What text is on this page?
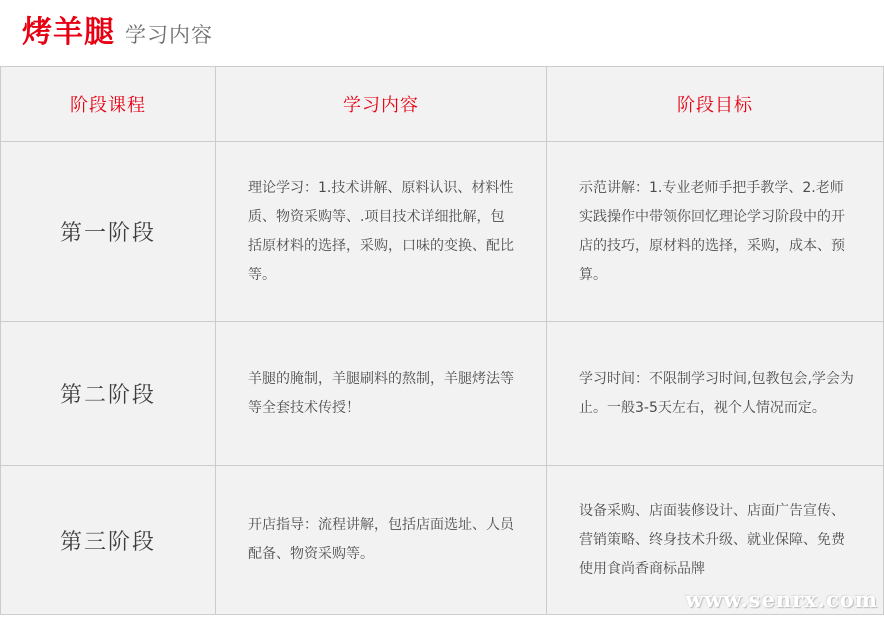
烤羊腿 学习内容
阶段课程	学习内容	阶段目标
第一阶段

理论学习：1.技术讲解、原料认识、材料性质、物资采购等、.项目技术详细批解，包括原材料的选择，采购，口味的变换、配比等。

示范讲解：1.专业老师手把手教学、2.老师实践操作中带领你回忆理论学习阶段中的开店的技巧，原材料的选择，采购，成本、预算。

第二阶段

羊腿的腌制，羊腿刷料的熬制，羊腿烤法等等全套技术传授！

学习时间：不限制学习时间,包教包会,学会为止。一般3-5天左右，视个人情况而定。

第三阶段

开店指导：流程讲解，包括店面选址、人员配备、物资采购等。

设备采购、店面装修设计、店面广告宣传、营销策略、终身技术升级、就业保障、免费使用食尚香商标品牌

www.senrx.com
